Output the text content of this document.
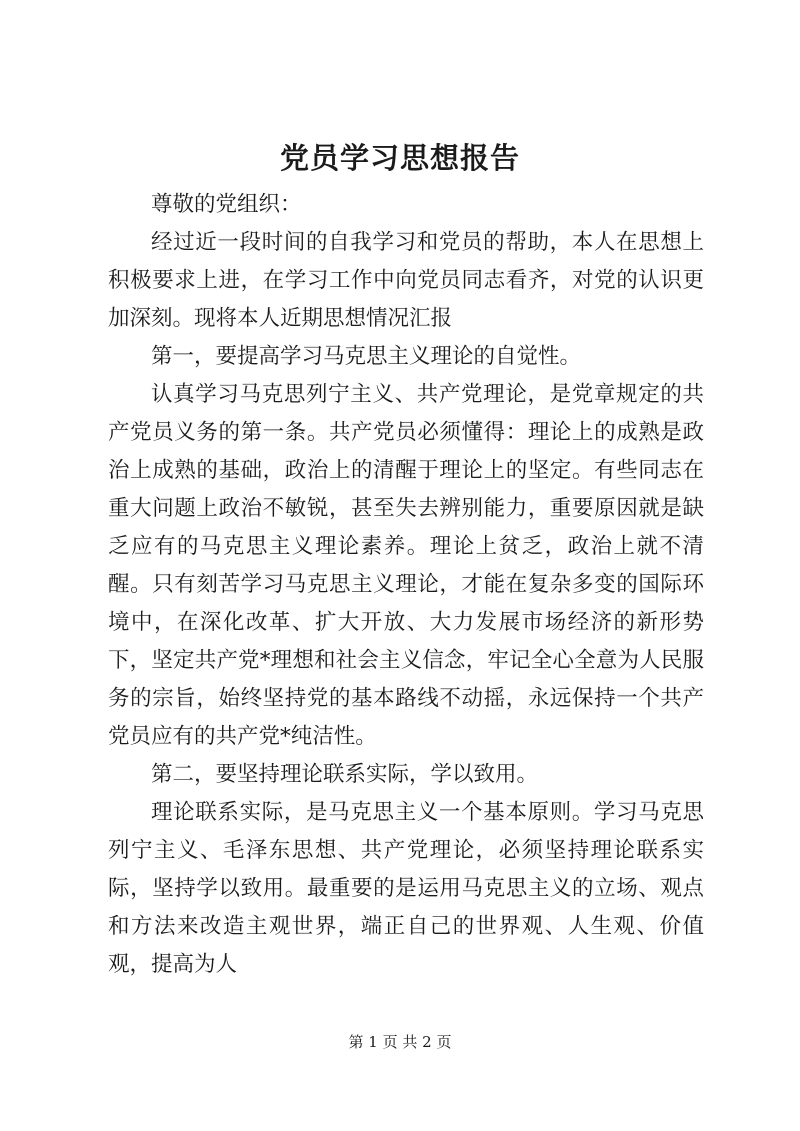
党员学习思想报告

尊敬的党组织：

经过近一段时间的自我学习和党员的帮助，本人在思想上积极要求上进，在学习工作中向党员同志看齐，对党的认识更加深刻。现将本人近期思想情况汇报

第一，要提高学习马克思主义理论的自觉性。

认真学习马克思列宁主义、共产党理论，是党章规定的共产党员义务的第一条。共产党员必须懂得：理论上的成熟是政治上成熟的基础，政治上的清醒于理论上的坚定。有些同志在重大问题上政治不敏锐，甚至失去辨别能力，重要原因就是缺乏应有的马克思主义理论素养。理论上贫乏，政治上就不清醒。只有刻苦学习马克思主义理论，才能在复杂多变的国际环境中，在深化改革、扩大开放、大力发展市场经济的新形势下，坚定共产党*理想和社会主义信念，牢记全心全意为人民服务的宗旨，始终坚持党的基本路线不动摇，永远保持一个共产党员应有的共产党*纯洁性。

第二，要坚持理论联系实际，学以致用。

理论联系实际，是马克思主义一个基本原则。学习马克思列宁主义、毛泽东思想、共产党理论，必须坚持理论联系实际，坚持学以致用。最重要的是运用马克思主义的立场、观点和方法来改造主观世界，端正自己的世界观、人生观、价值观，提高为人

第 1 页 共 2 页
